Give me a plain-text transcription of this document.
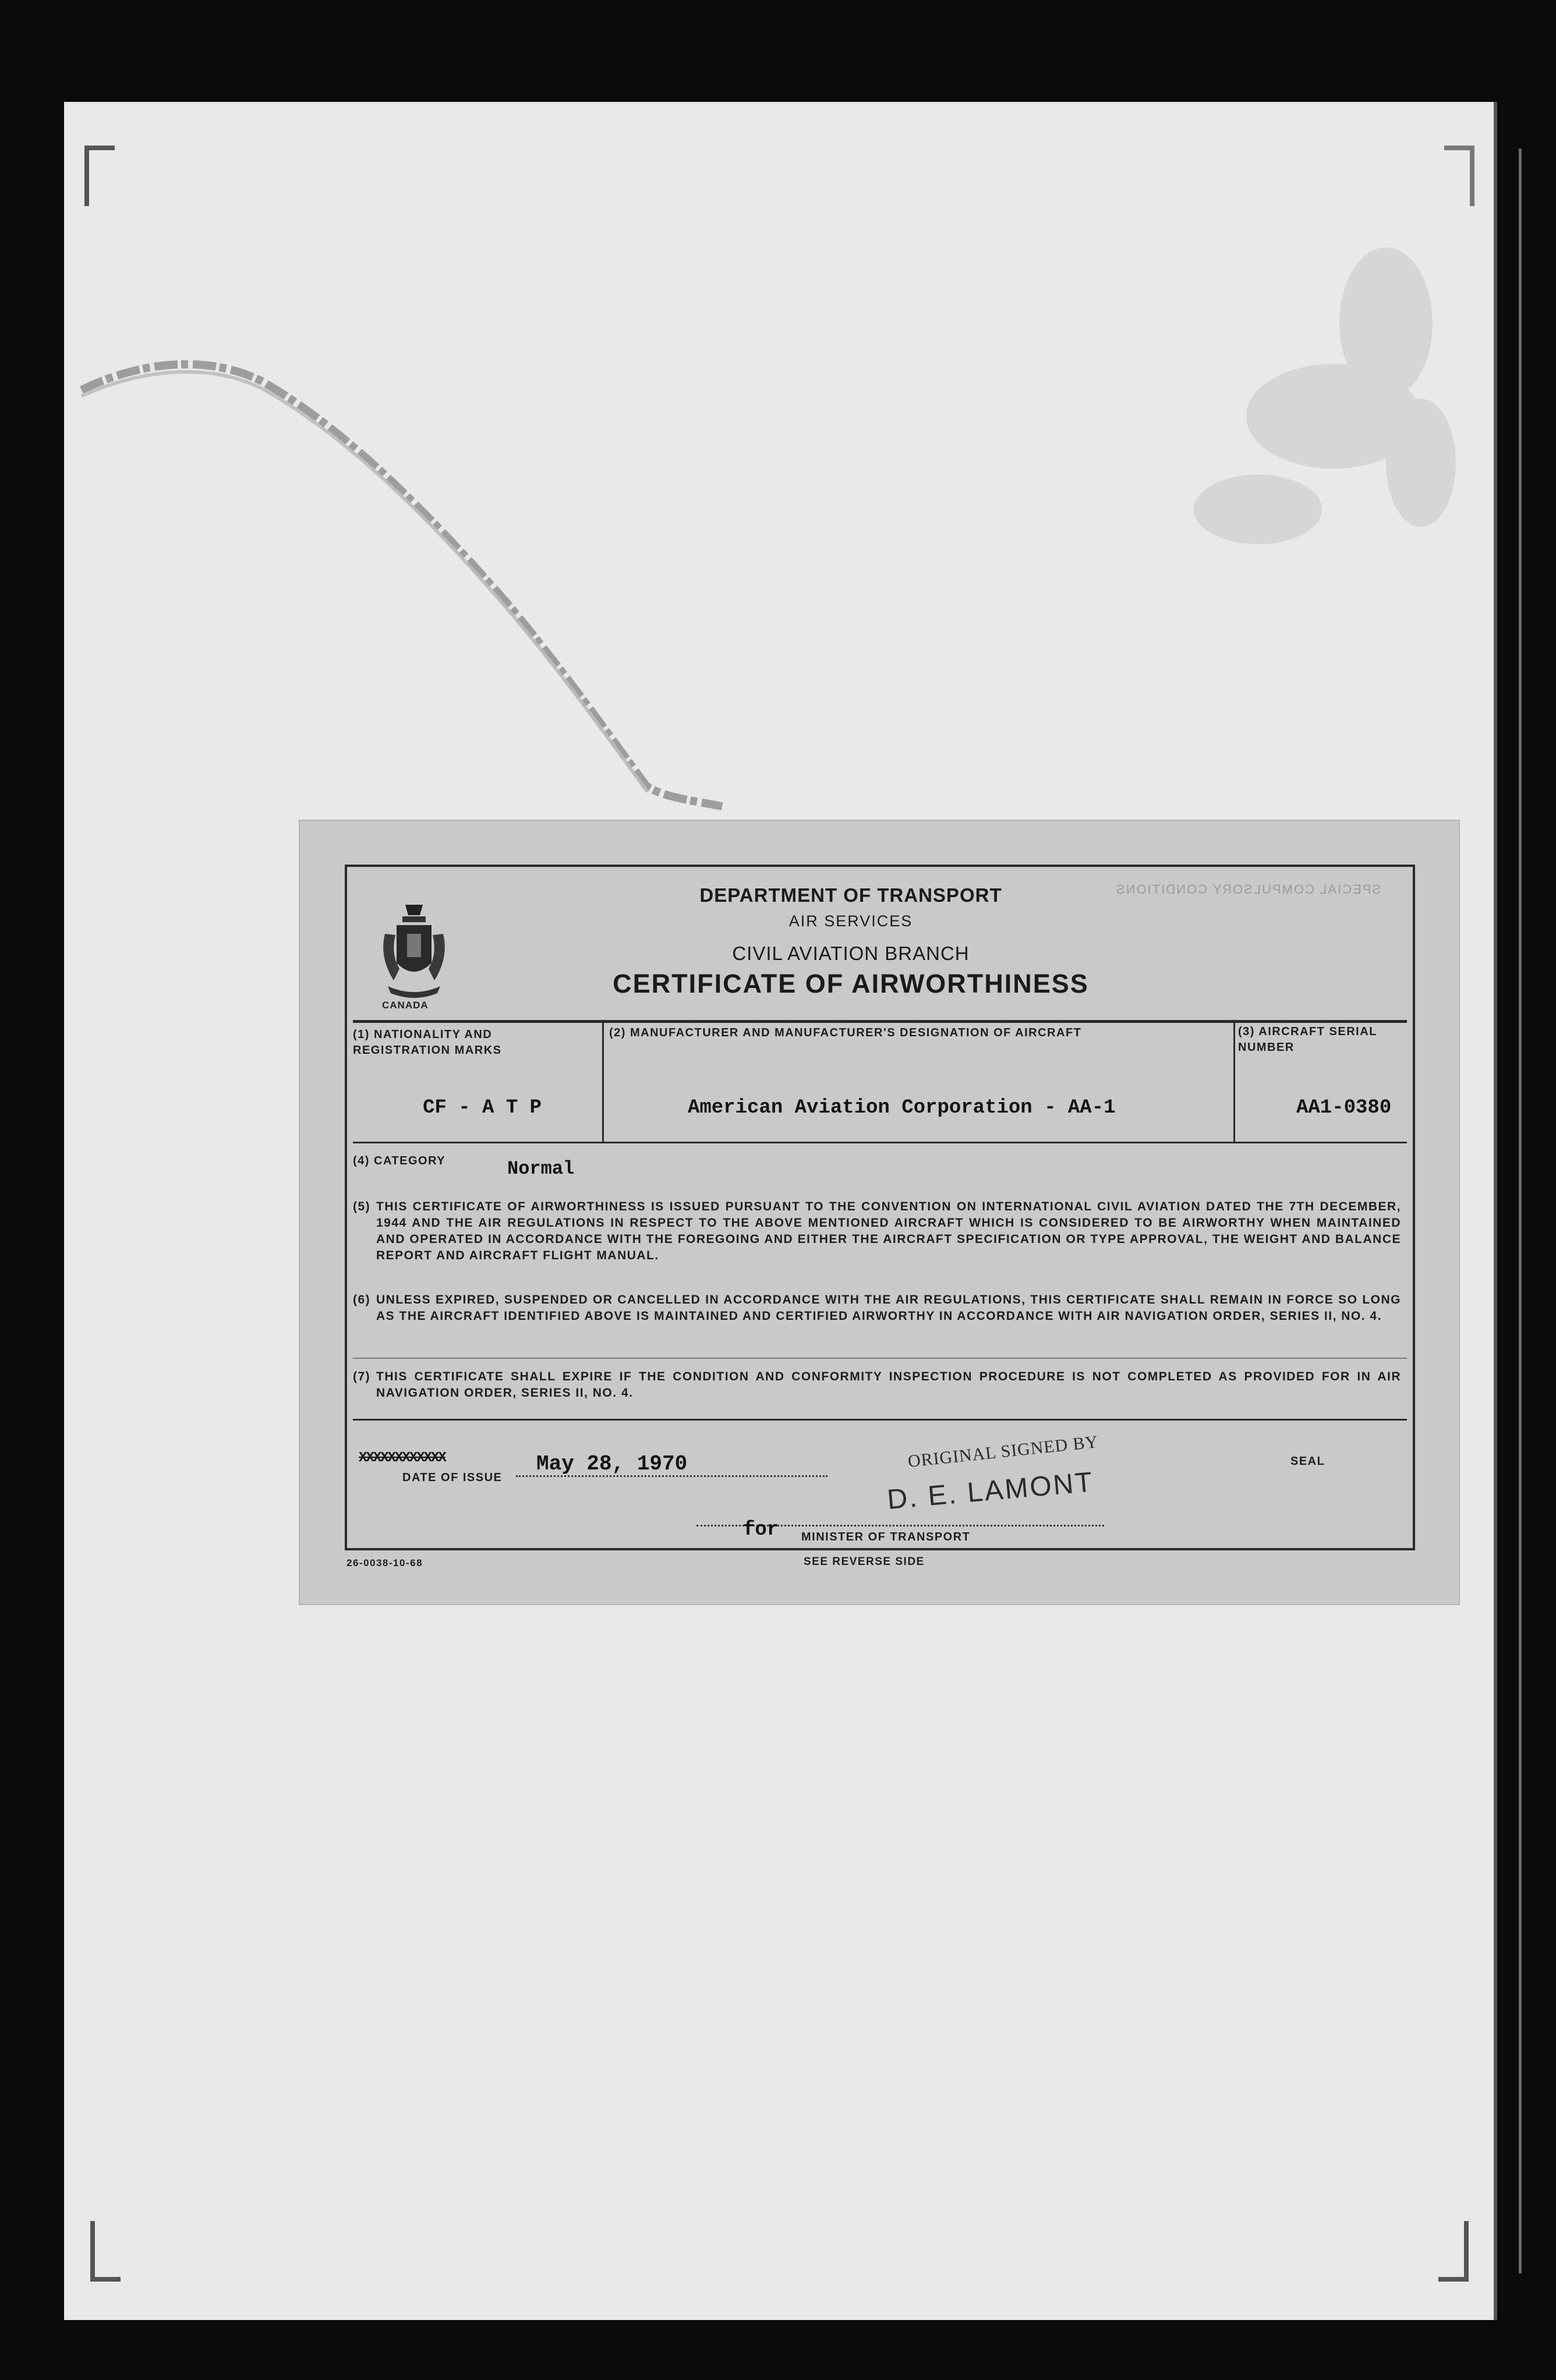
SPECIAL COMPULSORY CONDITIONS
CANADA
DEPARTMENT OF TRANSPORT
AIR SERVICES
CIVIL AVIATION BRANCH
CERTIFICATE OF AIRWORTHINESS
(1) NATIONALITY AND REGISTRATION MARKS
CF - A T P
(2) MANUFACTURER AND MANUFACTURER'S DESIGNATION OF AIRCRAFT
American Aviation Corporation - AA-1
(3) AIRCRAFT SERIAL NUMBER
AA1-0380
(4) CATEGORY	Normal
(5) THIS CERTIFICATE OF AIRWORTHINESS IS ISSUED PURSUANT TO THE CONVENTION ON INTERNATIONAL CIVIL AVIATION DATED THE 7TH DECEMBER, 1944 AND THE AIR REGULATIONS IN RESPECT TO THE ABOVE MENTIONED AIRCRAFT WHICH IS CONSIDERED TO BE AIRWORTHY WHEN MAINTAINED AND OPERATED IN ACCORDANCE WITH THE FOREGOING AND EITHER THE AIRCRAFT SPECIFICATION OR TYPE APPROVAL, THE WEIGHT AND BALANCE REPORT AND AIRCRAFT FLIGHT MANUAL.
(6) UNLESS EXPIRED, SUSPENDED OR CANCELLED IN ACCORDANCE WITH THE AIR REGULATIONS, THIS CERTIFICATE SHALL REMAIN IN FORCE SO LONG AS THE AIRCRAFT IDENTIFIED ABOVE IS MAINTAINED AND CERTIFIED AIRWORTHY IN ACCORDANCE WITH AIR NAVIGATION ORDER, SERIES II, NO. 4.
(7) THIS CERTIFICATE SHALL EXPIRE IF THE CONDITION AND CONFORMITY INSPECTION PROCEDURE IS NOT COMPLETED AS PROVIDED FOR IN AIR NAVIGATION ORDER, SERIES II, NO. 4.
XXXXXXXXXXXX	May 28, 1970
DATE OF ISSUE
ORIGINAL SIGNED BY
D. E. LAMONT
SEAL
for MINISTER OF TRANSPORT
26-0038-10-68	SEE REVERSE SIDE
